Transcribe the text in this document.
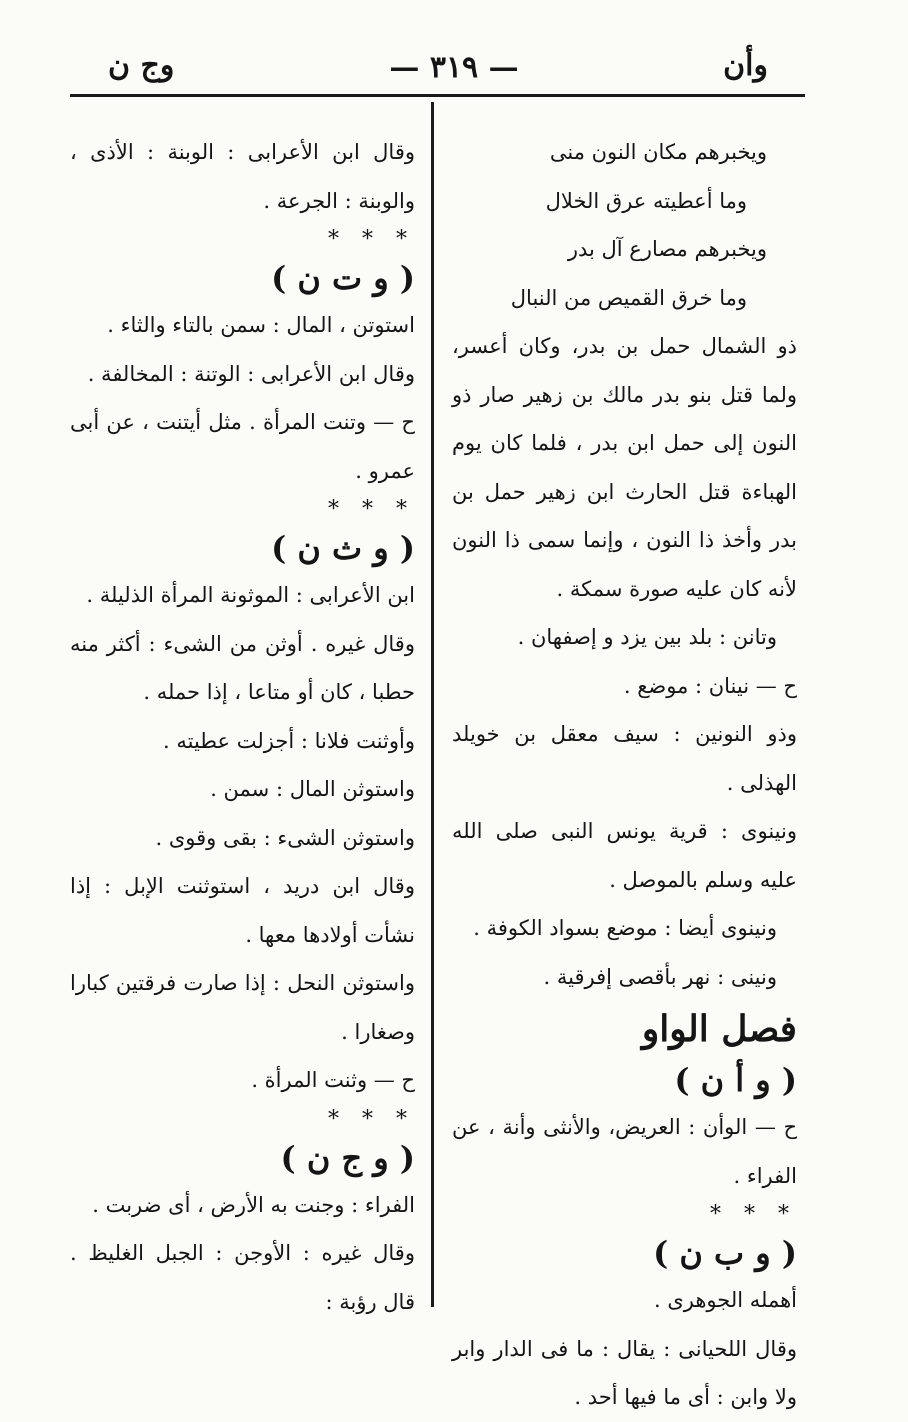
وأن
— ٣١٩ —
وج ن

ويخبرهم مكان النون منى

وما أعطيته عرق الخلال

ويخبرهم مصارع آل بدر

وما خرق القميص من النبال

ذو الشمال حمل بن بدر، وكان أعسر، ولما قتل بنو بدر مالك بن زهير صار ذو النون إلى حمل ابن بدر ، فلما كان يوم الهباءة قتل الحارث ابن زهير حمل بن بدر وأخذ ذا النون ، وإنما سمى ذا النون لأنه كان عليه صورة سمكة .

وتانن : بلد بين يزد و إصفهان .

ح — نينان : موضع .

وذو النونين : سيف معقل بن خويلد الهذلى .

ونينوى : قرية يونس النبى صلى الله عليه وسلم بالموصل .

ونينوى أيضا : موضع بسواد الكوفة .

ونينى : نهر بأقصى إفرقية .

فصل الواو

( و أ ن )

ح — الوأن : العريض، والأنثى وأنة ، عن الفراء .

* * *

( و ب ن )

أهمله الجوهرى .

وقال اللحيانى : يقال : ما فى الدار وابر ولا وابن : أى ما فيها أحد .

وقال ابن الأعرابى : الوبنة : الأذى ، والوبنة : الجرعة .

* * *

( و ت ن )

استوتن ، المال : سمن بالتاء والثاء .

وقال ابن الأعرابى : الوتنة : المخالفة .

ح — وتنت المرأة . مثل أيتنت ، عن أبى عمرو .

* * *

( و ث ن )

ابن الأعرابى : الموثونة المرأة الذليلة .

وقال غيره . أوثن من الشىء : أكثر منه حطبا ، كان أو متاعا ، إذا حمله .

وأوثنت فلانا : أجزلت عطيته .

واستوثن المال : سمن .

واستوثن الشىء : بقى وقوى .

وقال ابن دريد ، استوثنت الإبل : إذا نشأت أولادها معها .

واستوثن النحل : إذا صارت فرقتين كبارا وصغارا .

ح — وثنت المرأة .

* * *

( و ج ن )

الفراء : وجنت به الأرض ، أى ضربت .

وقال غيره : الأوجن : الجبل الغليظ . قال رؤبة :
